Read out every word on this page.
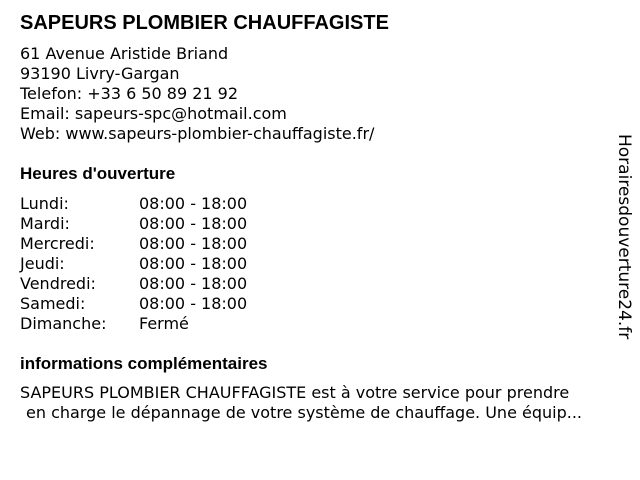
SAPEURS PLOMBIER CHAUFFAGISTE
61 Avenue Aristide Briand
93190 Livry-Gargan
Telefon: +33 6 50 89 21 92
Email: sapeurs-spc@hotmail.com
Web: www.sapeurs-plombier-chauffagiste.fr/
Heures d'ouverture
Lundi:	08:00 - 18:00
Mardi:	08:00 - 18:00
Mercredi:	08:00 - 18:00
Jeudi:	08:00 - 18:00
Vendredi:	08:00 - 18:00
Samedi:	08:00 - 18:00
Dimanche: Fermé
informations complémentaires
SAPEURS PLOMBIER CHAUFFAGISTE est à votre service pour prendre
en charge le dépannage de votre système de chauffage. Une équip...
Horairesdouverture24.fr
